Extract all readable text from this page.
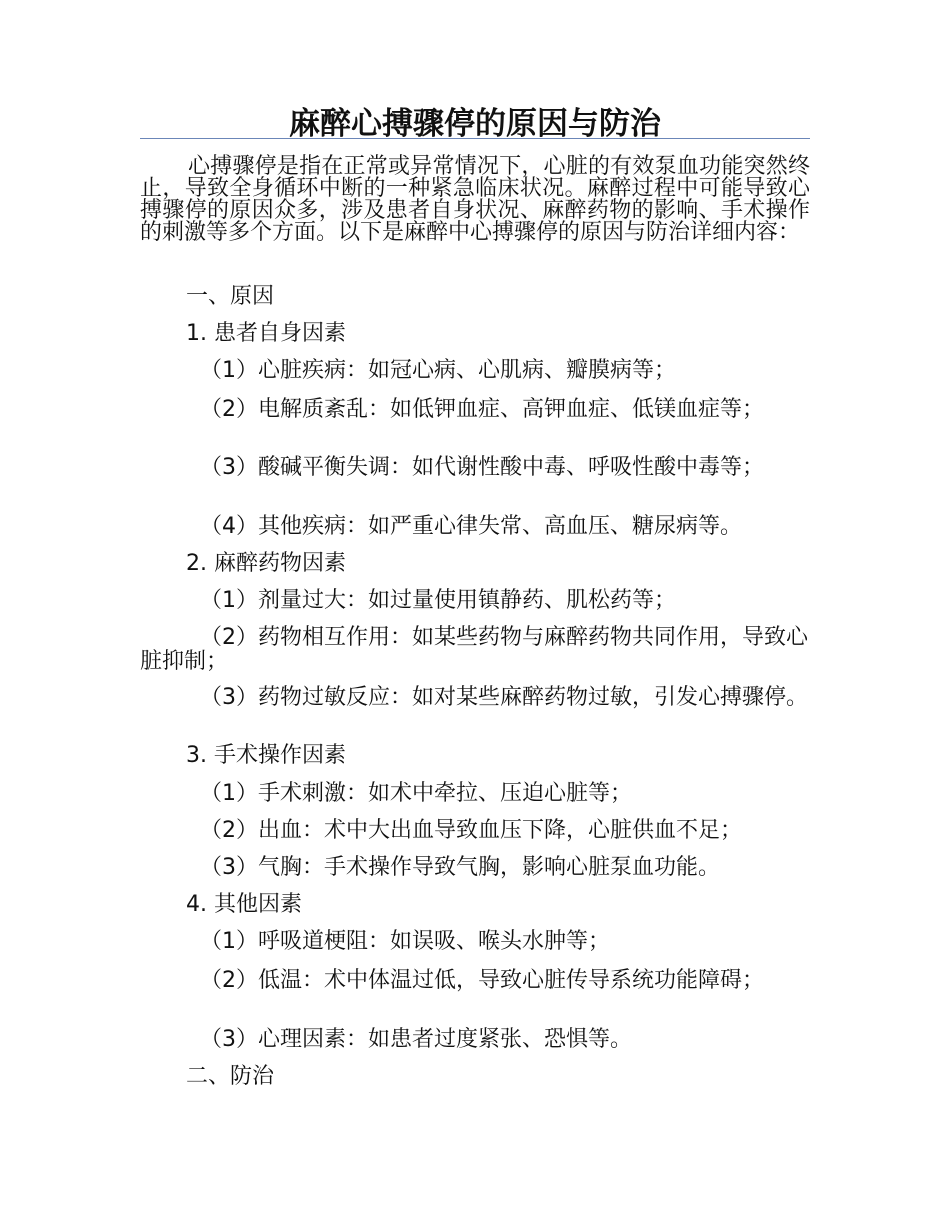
麻醉心搏骤停的原因与防治

心搏骤停是指在正常或异常情况下，心脏的有效泵血功能突然终止，导致全身循环中断的一种紧急临床状况。麻醉过程中可能导致心搏骤停的原因众多，涉及患者自身状况、麻醉药物的影响、手术操作的刺激等多个方面。以下是麻醉中心搏骤停的原因与防治详细内容：

一、原因

1. 患者自身因素

（1）心脏疾病：如冠心病、心肌病、瓣膜病等；

（2）电解质紊乱：如低钾血症、高钾血症、低镁血症等；

（3）酸碱平衡失调：如代谢性酸中毒、呼吸性酸中毒等；

（4）其他疾病：如严重心律失常、高血压、糖尿病等。

2. 麻醉药物因素

（1）剂量过大：如过量使用镇静药、肌松药等；

（2）药物相互作用：如某些药物与麻醉药物共同作用，导致心脏抑制；

（3）药物过敏反应：如对某些麻醉药物过敏，引发心搏骤停。

3. 手术操作因素

（1）手术刺激：如术中牵拉、压迫心脏等；

（2）出血：术中大出血导致血压下降，心脏供血不足；

（3）气胸：手术操作导致气胸，影响心脏泵血功能。

4. 其他因素

（1）呼吸道梗阻：如误吸、喉头水肿等；

（2）低温：术中体温过低，导致心脏传导系统功能障碍；

（3）心理因素：如患者过度紧张、恐惧等。

二、防治
